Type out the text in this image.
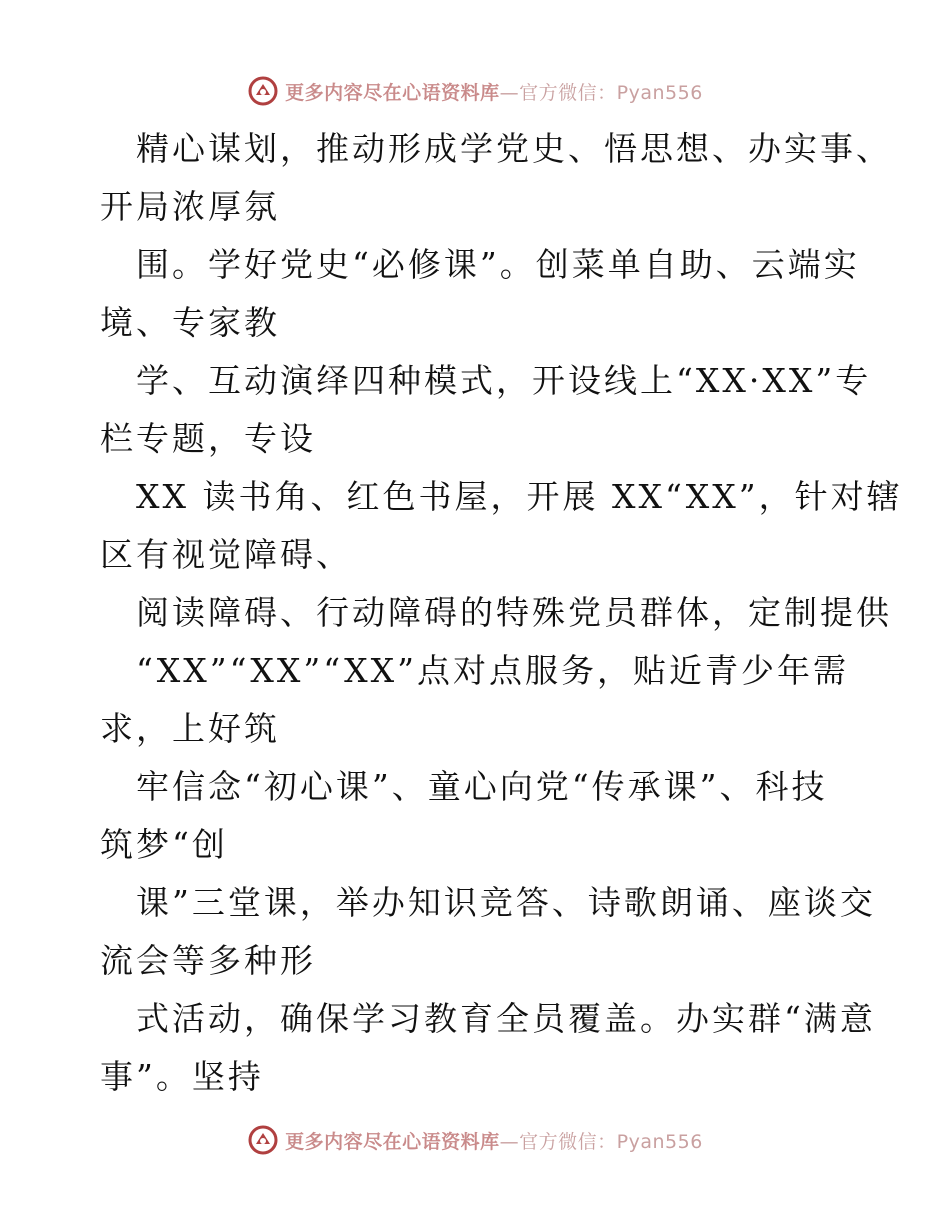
更多内容尽在心语资料库—官方微信：Pyan556
精心谋划，推动形成学党史、悟思想、办实事、
开局浓厚氛
围。学好党史“必修课”。创菜单自助、云端实
境、专家教
学、互动演绎四种模式，开设线上“XX·XX”专
栏专题，专设
XX 读书角、红色书屋，开展 XX“XX”，针对辖
区有视觉障碍、
阅读障碍、行动障碍的特殊党员群体，定制提供
“XX”“XX”“XX”点对点服务，贴近青少年需
求，上好筑
牢信念“初心课”、童心向党“传承课”、科技
筑梦“创
课”三堂课，举办知识竞答、诗歌朗诵、座谈交
流会等多种形
式活动，确保学习教育全员覆盖。办实群“满意
事”。坚持
更多内容尽在心语资料库—官方微信：Pyan556
